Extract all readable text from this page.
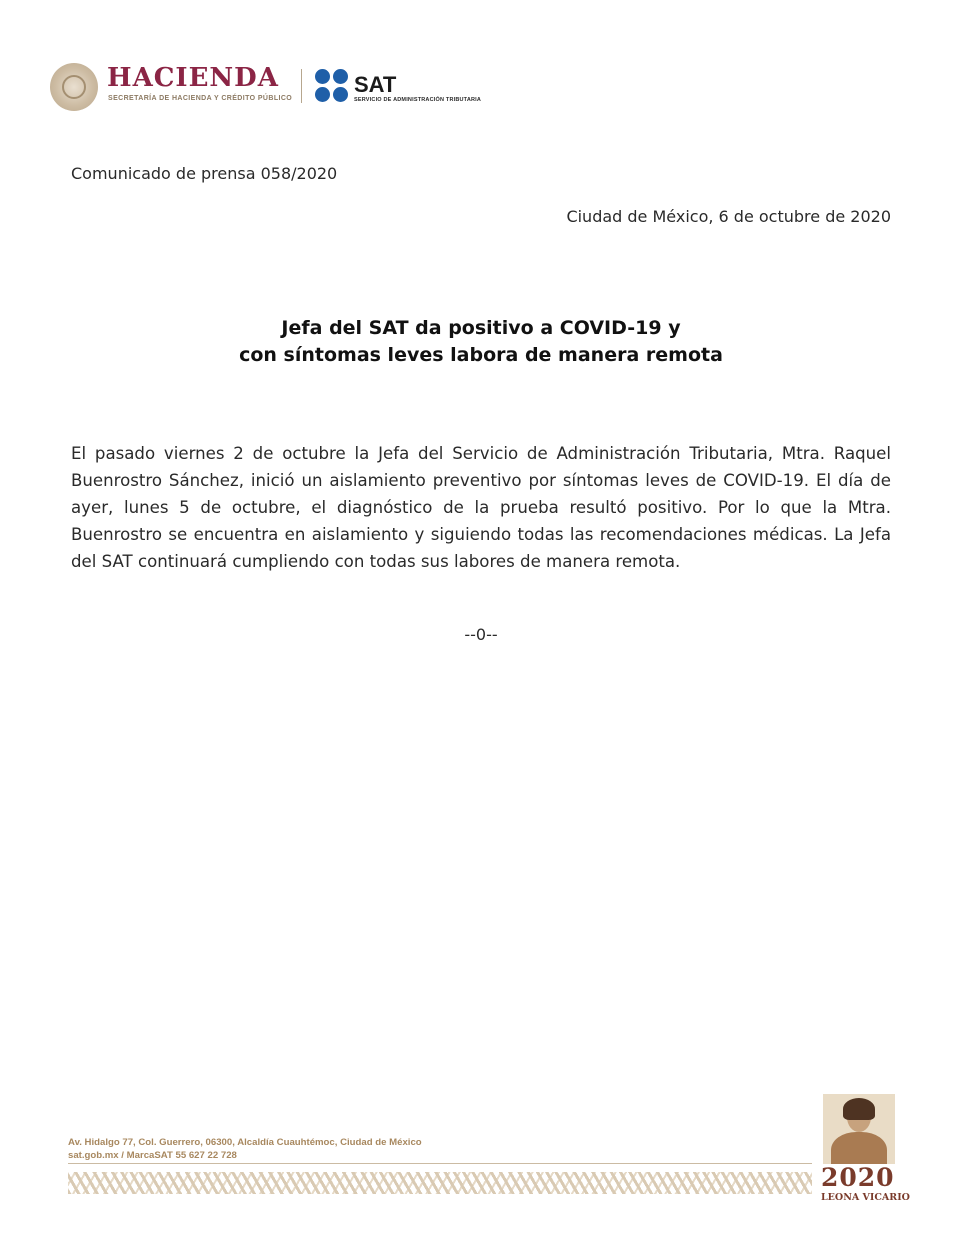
HACIENDA
SECRETARÍA DE HACIENDA Y CRÉDITO PÚBLICO
SAT
SERVICIO DE ADMINISTRACIÓN TRIBUTARIA
Comunicado de prensa 058/2020
Ciudad de México, 6 de octubre de 2020
Jefa del SAT da positivo a COVID-19 y
con síntomas leves labora de manera remota

El pasado viernes 2 de octubre la Jefa del Servicio de Administración Tributaria, Mtra. Raquel Buenrostro Sánchez, inició un aislamiento preventivo por síntomas leves de COVID-19. El día de ayer, lunes 5 de octubre, el diagnóstico de la prueba resultó positivo. Por lo que la Mtra. Buenrostro se encuentra en aislamiento y siguiendo todas las recomendaciones médicas. La Jefa del SAT continuará cumpliendo con todas sus labores de manera remota.

--0--
Av. Hidalgo 77, Col. Guerrero, 06300, Alcaldía Cuauhtémoc, Ciudad de México
sat.gob.mx / MarcaSAT 55 627 22 728
2020
LEONA VICARIO
